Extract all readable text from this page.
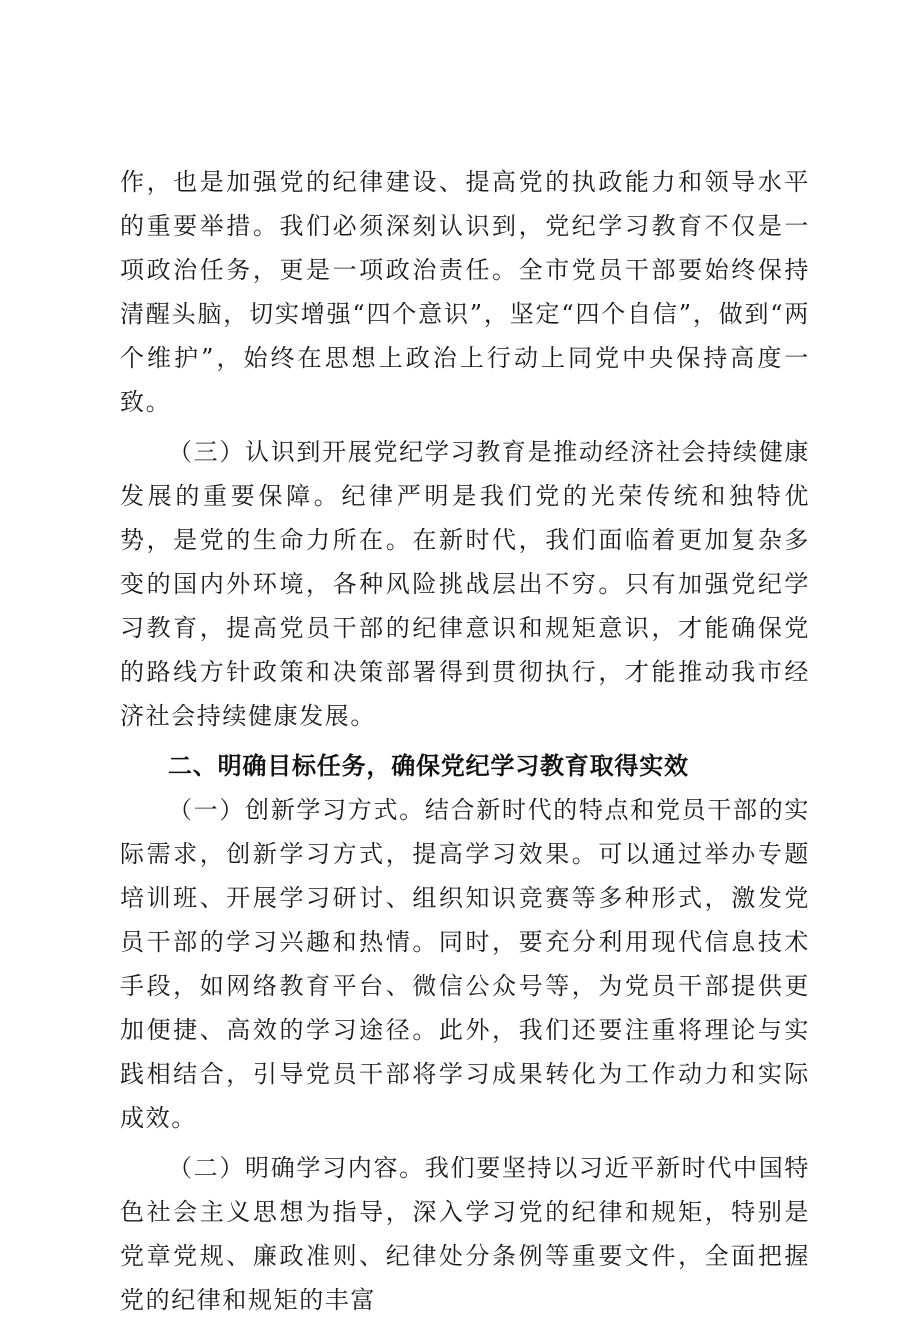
作，也是加强党的纪律建设、提高党的执政能力和领导水平的重要举措。我们必须深刻认识到，党纪学习教育不仅是一项政治任务，更是一项政治责任。全市党员干部要始终保持清醒头脑，切实增强“四个意识”，坚定“四个自信”，做到“两个维护”，始终在思想上政治上行动上同党中央保持高度一致。

（三）认识到开展党纪学习教育是推动经济社会持续健康发展的重要保障。纪律严明是我们党的光荣传统和独特优势，是党的生命力所在。在新时代，我们面临着更加复杂多变的国内外环境，各种风险挑战层出不穷。只有加强党纪学习教育，提高党员干部的纪律意识和规矩意识，才能确保党的路线方针政策和决策部署得到贯彻执行，才能推动我市经济社会持续健康发展。

二、明确目标任务，确保党纪学习教育取得实效

（一）创新学习方式。结合新时代的特点和党员干部的实际需求，创新学习方式，提高学习效果。可以通过举办专题培训班、开展学习研讨、组织知识竞赛等多种形式，激发党员干部的学习兴趣和热情。同时，要充分利用现代信息技术手段，如网络教育平台、微信公众号等，为党员干部提供更加便捷、高效的学习途径。此外，我们还要注重将理论与实践相结合，引导党员干部将学习成果转化为工作动力和实际成效。

（二）明确学习内容。我们要坚持以习近平新时代中国特色社会主义思想为指导，深入学习党的纪律和规矩，特别是党章党规、廉政准则、纪律处分条例等重要文件，全面把握党的纪律和规矩的丰富
